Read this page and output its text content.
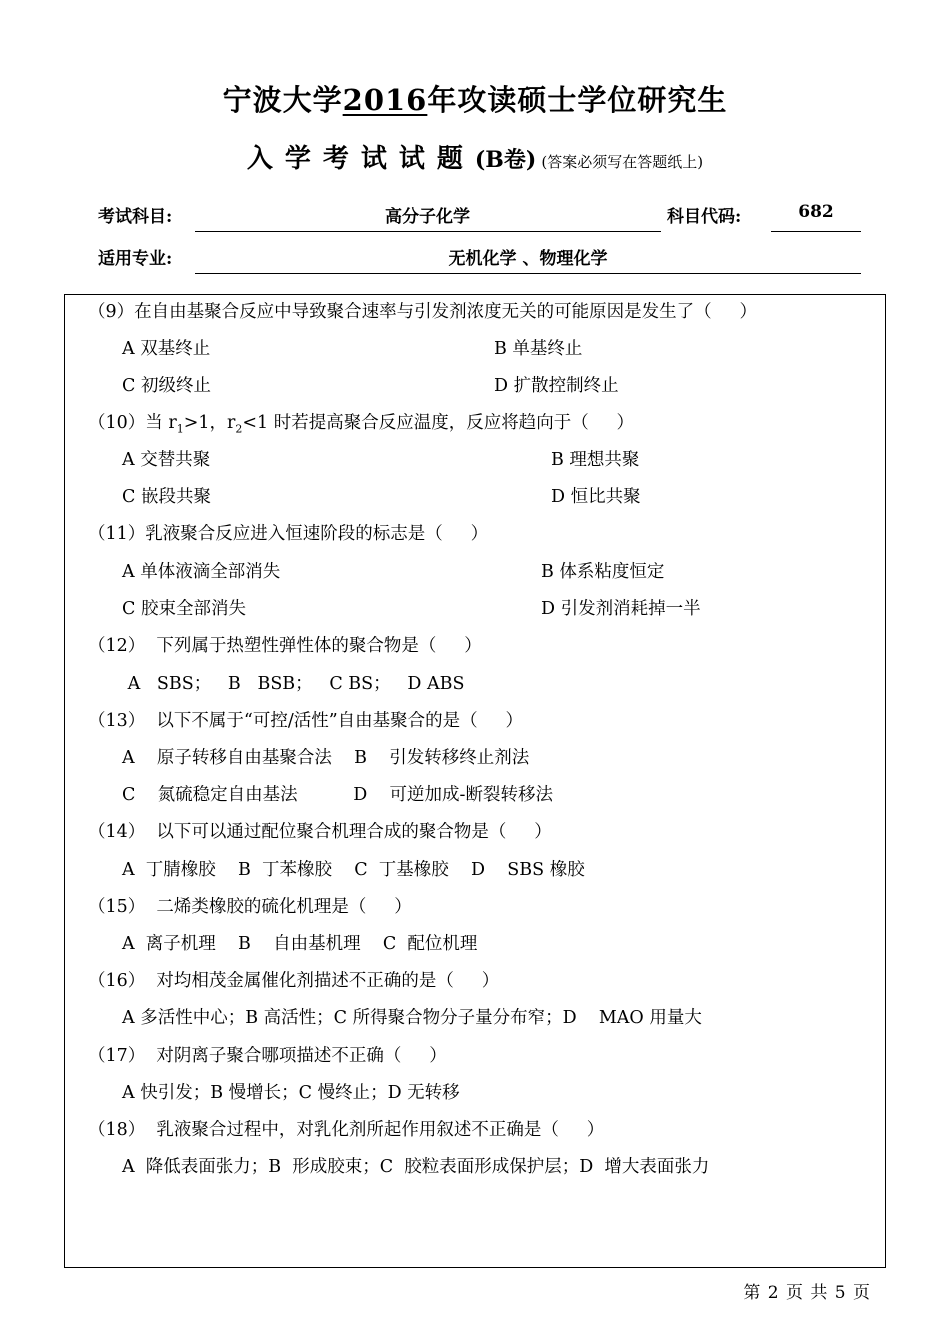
宁波大学2016年攻读硕士学位研究生
入学考试试题(B卷) (答案必须写在答题纸上)
考试科目:	高分子化学	科目代码:	682
适用专业:	无机化学 、物理化学
（9）在自由基聚合反应中导致聚合速率与引发剂浓度无关的可能原因是发生了（     ）
A 双基终止	B 单基终止
C 初级终止	D 扩散控制终止
（10）当 $r_1>1$，$r_2<1$ 时若提高聚合反应温度，反应将趋向于（     ）
A 交替共聚	B 理想共聚
C 嵌段共聚	D 恒比共聚
（11）乳液聚合反应进入恒速阶段的标志是（     ）
A 单体液滴全部消失	B 体系粘度恒定
C 胶束全部消失	D 引发剂消耗掉一半
（12）  下列属于热塑性弹性体的聚合物是（     ）
A   SBS；   B   BSB；   C BS；   D ABS
（13）  以下不属于“可控/活性”自由基聚合的是（     ）
A    原子转移自由基聚合法    B    引发转移终止剂法
C    氮硫稳定自由基法          D    可逆加成-断裂转移法
（14）  以下可以通过配位聚合机理合成的聚合物是（     ）
A  丁腈橡胶    B  丁苯橡胶    C  丁基橡胶    D    SBS 橡胶
（15）  二烯类橡胶的硫化机理是（     ）
A  离子机理    B    自由基机理    C  配位机理
（16）  对均相茂金属催化剂描述不正确的是（     ）
A 多活性中心；B 高活性；C 所得聚合物分子量分布窄；D    MAO 用量大
（17）  对阴离子聚合哪项描述不正确（     ）
A 快引发；B 慢增长；C 慢终止；D 无转移
（18）  乳液聚合过程中，对乳化剂所起作用叙述不正确是（     ）
A  降低表面张力；B  形成胶束；C  胶粒表面形成保护层；D  增大表面张力
第 2 页 共 5 页
